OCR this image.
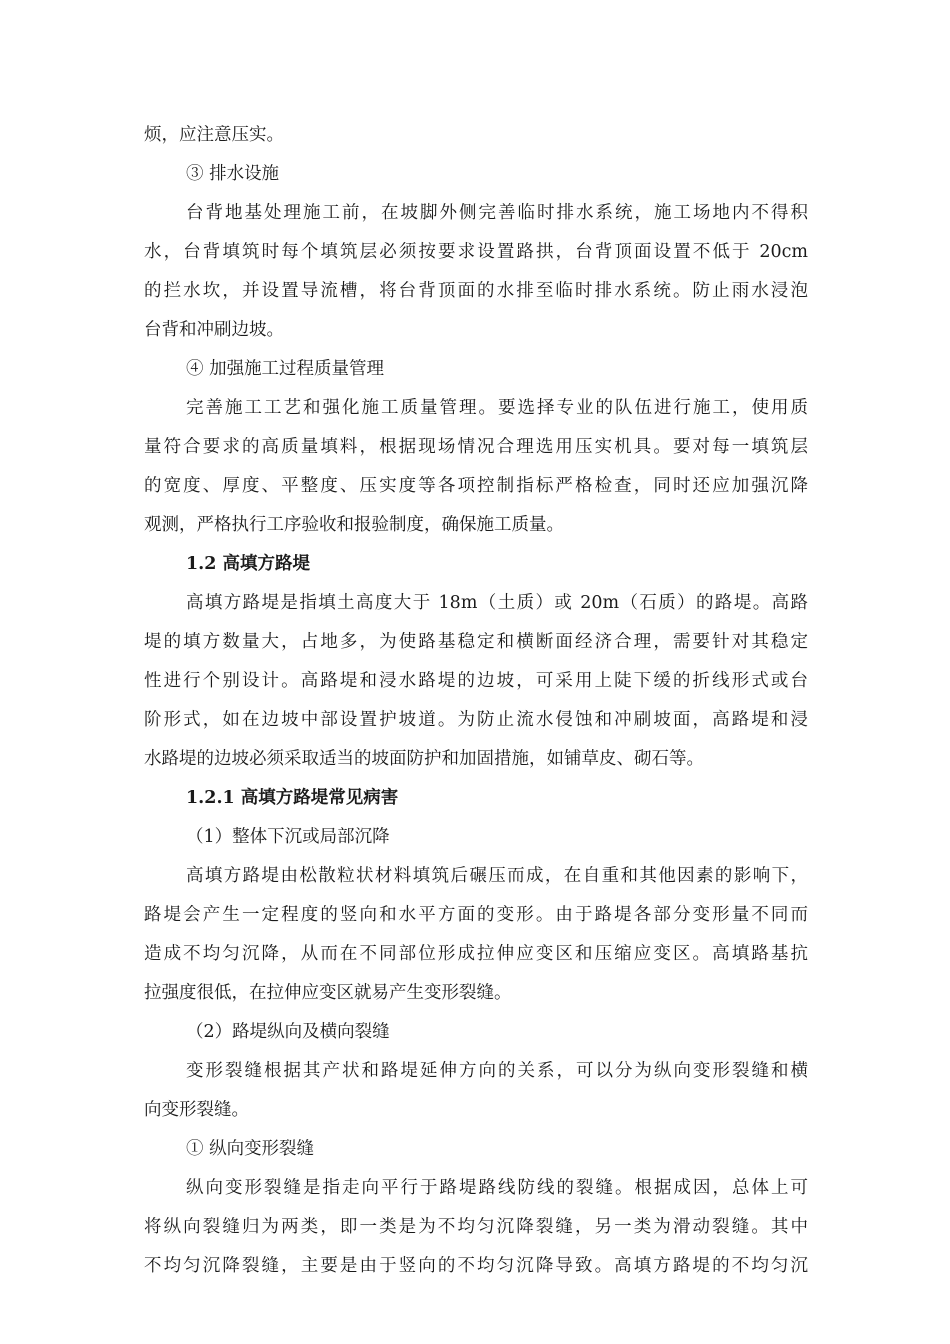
烦，应注意压实。
③ 排水设施
台背地基处理施工前，在坡脚外侧完善临时排水系统，施工场地内不得积
水，台背填筑时每个填筑层必须按要求设置路拱，台背顶面设置不低于 20cm
的拦水坎，并设置导流槽，将台背顶面的水排至临时排水系统。防止雨水浸泡
台背和冲刷边坡。
④ 加强施工过程质量管理
完善施工工艺和强化施工质量管理。要选择专业的队伍进行施工，使用质
量符合要求的高质量填料，根据现场情况合理选用压实机具。要对每一填筑层
的宽度、厚度、平整度、压实度等各项控制指标严格检查，同时还应加强沉降
观测，严格执行工序验收和报验制度，确保施工质量。
1.2 高填方路堤
高填方路堤是指填土高度大于 18m（土质）或 20m（石质）的路堤。高路
堤的填方数量大，占地多，为使路基稳定和横断面经济合理，需要针对其稳定
性进行个别设计。高路堤和浸水路堤的边坡，可采用上陡下缓的折线形式或台
阶形式，如在边坡中部设置护坡道。为防止流水侵蚀和冲刷坡面，高路堤和浸
水路堤的边坡必须采取适当的坡面防护和加固措施，如铺草皮、砌石等。
1.2.1 高填方路堤常见病害
（1）整体下沉或局部沉降
高填方路堤由松散粒状材料填筑后碾压而成，在自重和其他因素的影响下，
路堤会产生一定程度的竖向和水平方面的变形。由于路堤各部分变形量不同而
造成不均匀沉降，从而在不同部位形成拉伸应变区和压缩应变区。高填路基抗
拉强度很低，在拉伸应变区就易产生变形裂缝。
（2）路堤纵向及横向裂缝
变形裂缝根据其产状和路堤延伸方向的关系，可以分为纵向变形裂缝和横
向变形裂缝。
① 纵向变形裂缝
纵向变形裂缝是指走向平行于路堤路线防线的裂缝。根据成因，总体上可
将纵向裂缝归为两类，即一类是为不均匀沉降裂缝，另一类为滑动裂缝。其中
不均匀沉降裂缝，主要是由于竖向的不均匀沉降导致。高填方路堤的不均匀沉
